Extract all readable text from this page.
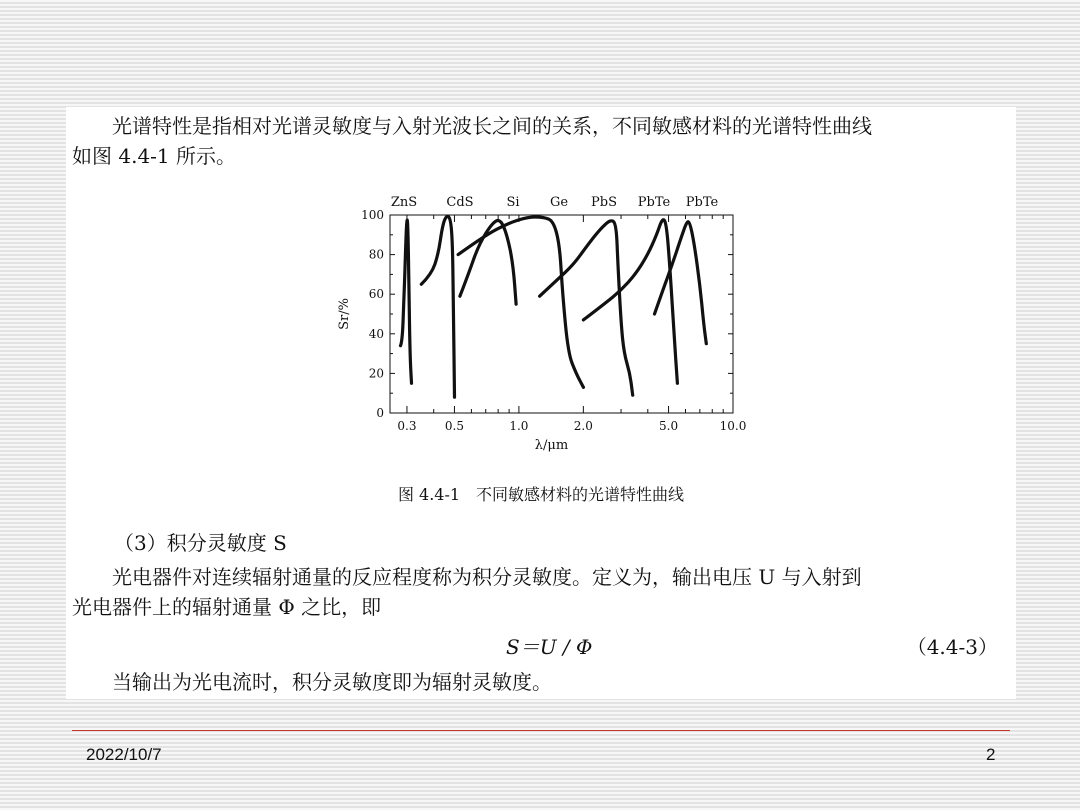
光谱特性是指相对光谱灵敏度与入射光波长之间的关系，不同敏感材料的光谱特性曲线
如图 4.4-1 所示。
0
20
40
60
80
100
0.3 0.5	1.0	2.0	5.0	10.0
λ/μm
Sr/%
ZnS CdS	Si Ge PbS PbTe PbTe
图 4.4-1　不同敏感材料的光谱特性曲线
（3）积分灵敏度 S
光电器件对连续辐射通量的反应程度称为积分灵敏度。定义为，输出电压 U 与入射到
光电器件上的辐射通量 Φ 之比，即
S＝U / Φ	（4.4-3）
当输出为光电流时，积分灵敏度即为辐射灵敏度。
2022/10/7	2
